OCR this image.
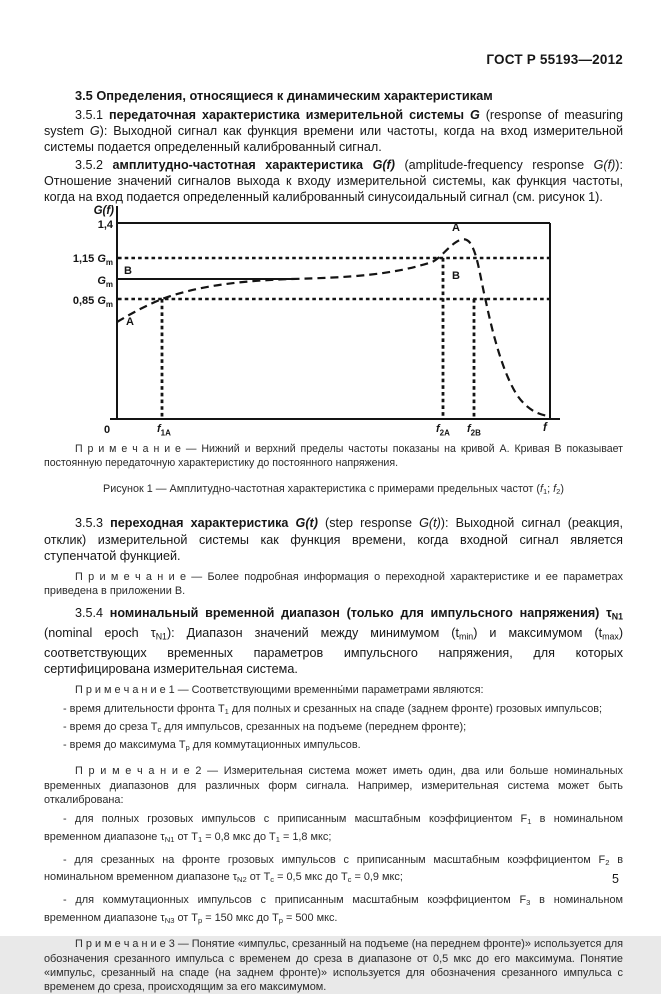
ГОСТ Р 55193—2012
3.5 Определения, относящиеся к динамическим характеристикам

3.5.1 передаточная характеристика измерительной системы G (response of measuring system G): Выходной сигнал как функция времени или частоты, когда на вход измерительной системы подается определенный калиброванный сигнал.

3.5.2 амплитудно-частотная характеристика G(f) (amplitude-frequency response G(f)): Отношение значений сигналов выхода к входу измерительной системы, как функция частоты, когда на вход подается определенный калиброванный синусоидальный сигнал (см. рисунок 1).

G(f)
1,4
1,15 $G_m$
$G_m$
0,85 $G_m$
0	$f_{1A}$	$f_{2A}$ $f_{2B}$	f
A
A
B	B

П р и м е ч а н и е — Нижний и верхний пределы частоты показаны на кривой А. Кривая В показывает постоянную передаточную характеристику до постоянного напряжения.

Рисунок 1 — Амплитудно-частотная характеристика с примерами предельных частот (f1; f2)

3.5.3 переходная характеристика G(t) (step response G(t)): Выходной сигнал (реакция, отклик) измерительной системы как функция времени, когда входной сигнал является ступенчатой функцией.

П р и м е ч а н и е — Более подробная информация о переходной характеристике и ее параметрах приведена в приложении В.

3.5.4 номинальный временной диапазон (только для импульсного напряжения) τN1 (nominal epoch τN1): Диапазон значений между минимумом (tmin) и максимумом (tmax) соответствующих временных параметров импульсного напряжения, для которых сертифицирована измерительная система.

П р и м е ч а н и е 1 — Соответствующими временны́ми параметрами являются:

- время длительности фронта Т1 для полных и срезанных на спаде (заднем фронте) грозовых импульсов;

- время до среза Тс для импульсов, срезанных на подъеме (переднем фронте);

- время до максимума Тр для коммутационных импульсов.

П р и м е ч а н и е 2 — Измерительная система может иметь один, два или больше номинальных временных диапазонов для различных форм сигнала. Например, измерительная система может быть откалибрована:

- для полных грозовых импульсов с приписанным масштабным коэффициентом F1 в номинальном временном диапазоне τN1 от Т1 = 0,8 мкс до Т1 = 1,8 мкс;

- для срезанных на фронте грозовых импульсов с приписанным масштабным коэффициентом F2 в номинальном временном диапазоне τN2 от Тс = 0,5 мкс до Тс = 0,9 мкс;

- для коммутационных импульсов с приписанным масштабным коэффициентом F3 в номинальном временном диапазоне τN3 от Тр = 150 мкс до Тр = 500 мкс.

П р и м е ч а н и е 3 — Понятие «импульс, срезанный на подъеме (на переднем фронте)» используется для обозначения срезанного импульса с временем до среза в диапазоне от 0,5 мкс до его максимума. Понятие «импульс, срезанный на спаде (на заднем фронте)» используется для обозначения срезанного импульса с временем до среза, происходящим за его максимумом.

5
